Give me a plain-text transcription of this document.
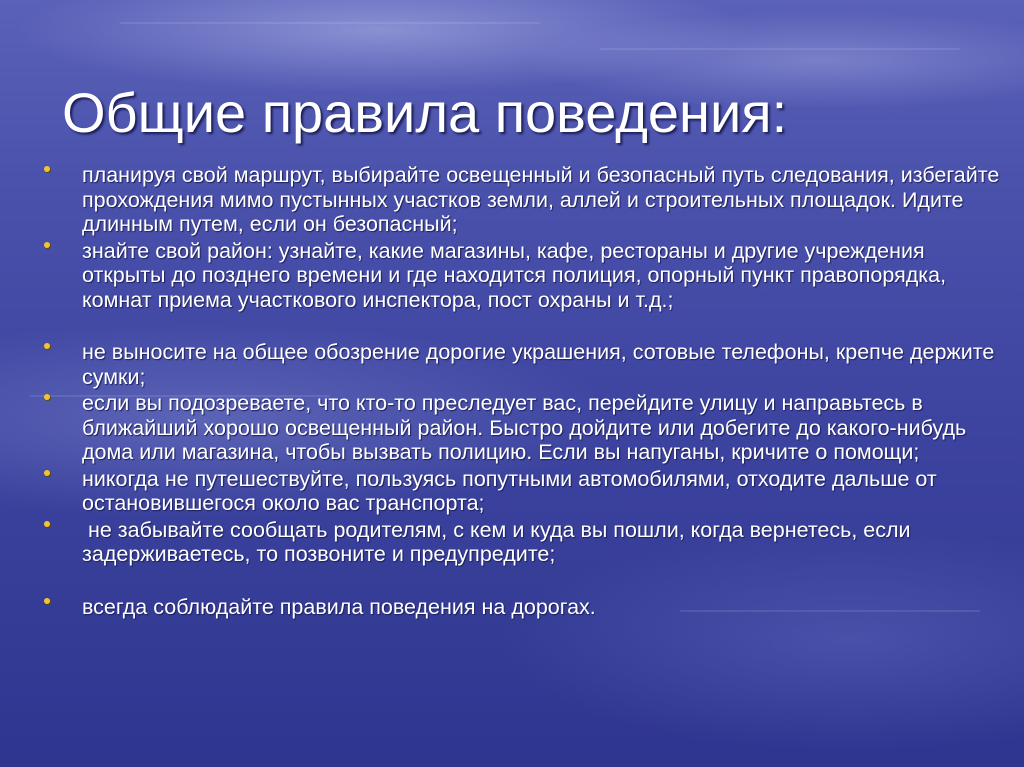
Общие правила поведения:
планируя свой маршрут, выбирайте освещенный и безопасный путь следования, избегайте прохождения мимо пустынных участков земли, аллей и строительных площадок. Идите длинным путем, если он безопасный;
знайте свой район: узнайте, какие магазины, кафе, рестораны и другие учреждения открыты до позднего времени и где находится полиция, опорный пункт правопорядка, комнат приема участкового инспектора, пост охраны и т.д.;
не выносите на общее обозрение дорогие украшения, сотовые телефоны, крепче держите сумки;
если вы подозреваете, что кто-то преследует вас, перейдите улицу и направьтесь в ближайший хорошо освещенный район. Быстро дойдите или добегите до какого-нибудь дома или магазина, чтобы вызвать полицию. Если вы напуганы, кричите о помощи;
никогда не путешествуйте, пользуясь попутными автомобилями, отходите дальше от остановившегося около вас транспорта;
не забывайте сообщать родителям, с кем и куда вы пошли, когда вернетесь, если задерживаетесь, то позвоните и предупредите;
всегда соблюдайте правила поведения на дорогах.
